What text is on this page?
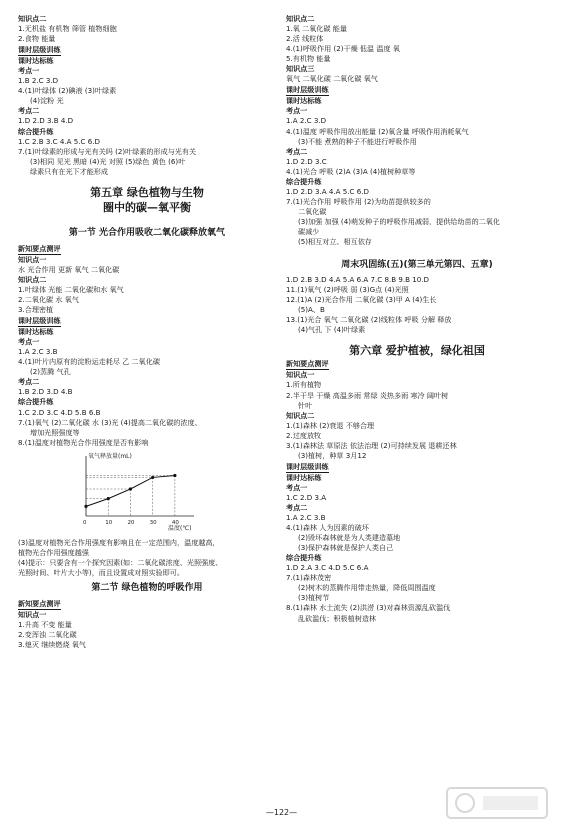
知识点二
1.无机盐 有机物 筛管 植物细胞
2.食物 能量
课时层级训练
课时达标练
考点一
1.B 2.C 3.D
4.(1)叶绿体 (2)碘液 (3)叶绿素
(4)淀粉 光
考点二
1.D 2.D 3.B 4.D
综合提升练
1.C 2.B 3.C 4.A 5.C 6.D
7.(1)叶绿素的形成与光有关吗 (2)叶绿素的形成与光有关
(3)相同 见光 黑暗 (4)光 对照 (5)绿色 黄色 (6)叶
绿素只有在光下才能形成
第五章 绿色植物与生物
圈中的碳—氧平衡
第一节 光合作用吸收二氧化碳释放氧气
新知要点测评
知识点一
水 光合作用 更新 氧气 二氧化碳
知识点二
1.叶绿体 光能 二氧化碳和水 氧气
2.二氧化碳 水 氧气
3.合理密植
课时层级训练
课时达标练
考点一
1.A 2.C 3.B
4.(1)叶片内原有的淀粉运走耗尽 乙 二氧化碳
(2)蒸腾 气孔
考点二
1.B 2.D 3.D 4.B
综合提升练
1.C 2.D 3.C 4.D 5.B 6.B
7.(1)氧气 (2)二氧化碳 水 (3)光 (4)提高二氧化碳的浓度、
增加光照强度等
8.(1)温度对植物光合作用强度是否有影响
氧气释放量(mL)
温度(℃)
0	10	20	30	40
(3)温度对植物光合作用强度有影响且在一定范围内，温度越高，
植物光合作用强度越强
(4)提示：只要含有一个探究因素(如：二氧化碳浓度、光照强度、
光照时间、叶片大小等)，而且设置成对照实验即可。
第二节 绿色植物的呼吸作用
新知要点测评
知识点一
1.升高 不变 能量
2.变浑浊 二氧化碳
3.熄灭 继续燃烧 氧气
知识点二
1.氧 二氧化碳 能量
2.活 线粒体
4.(1)呼吸作用 (2)干燥 低温 温度 氧
5.有机物 能量
知识点三
氧气 二氧化碳 二氧化碳 氧气
课时层级训练
课时达标练
考点一
1.A 2.C 3.D
4.(1)温度 呼吸作用放出能量 (2)氧含量 呼吸作用消耗氧气
(3)不能 煮熟的种子不能进行呼吸作用
考点二
1.D 2.D 3.C
4.(1)光合 呼吸 (2)A (3)A (4)植树种草等
综合提升练
1.D 2.D 3.A 4.A 5.C 6.D
7.(1)光合作用 呼吸作用 (2)为幼苗提供较多的
二氧化碳
(3)加强 加强 (4)萌发种子的呼吸作用减弱，提供给幼苗的二氧化
碳减少
(5)相互对立、相互依存
周末巩固练(五)(第三单元第四、五章)
1.D 2.B 3.D 4.A 5.A 6.A 7.C 8.B 9.B 10.D
11.(1)氧气 (2)呼吸 弱 (3)G点 (4)光照
12.(1)A (2)光合作用 二氧化碳 (3)甲 A (4)生长
(5)A、B
13.(1)光合 氧气 二氧化碳 (2)线粒体 呼吸 分解 释放
(4)气孔 下 (4)叶绿素
第六章 爱护植被，绿化祖国
新知要点测评
知识点一
1.所有植物
2.半干旱 干燥 高温多雨 常绿 炎热多雨 寒冷 阔叶树
针叶
知识点二
1.(1)森林 (2)衰退 不够合理
2.过度放牧
3.(1)森林法 草原法 依法治理 (2)可持续发展 退耕还林
(3)植树，种草 3月12
课时层级训练
课时达标练
考点一
1.C 2.D 3.A
考点二
1.A 2.C 3.B
4.(1)森林 人为因素的破坏
(2)毁坏森林就是为人类建造墓地
(3)保护森林就是保护人类自己
综合提升练
1.D 2.A 3.C 4.D 5.C 6.A
7.(1)森林茂密
(2)树木的蒸腾作用带走热量，降低周围温度
(3)植树节
8.(1)森林 水土流失 (2)洪涝 (3)对森林资源乱砍滥伐
乱砍滥伐；积极植树造林
—122—
